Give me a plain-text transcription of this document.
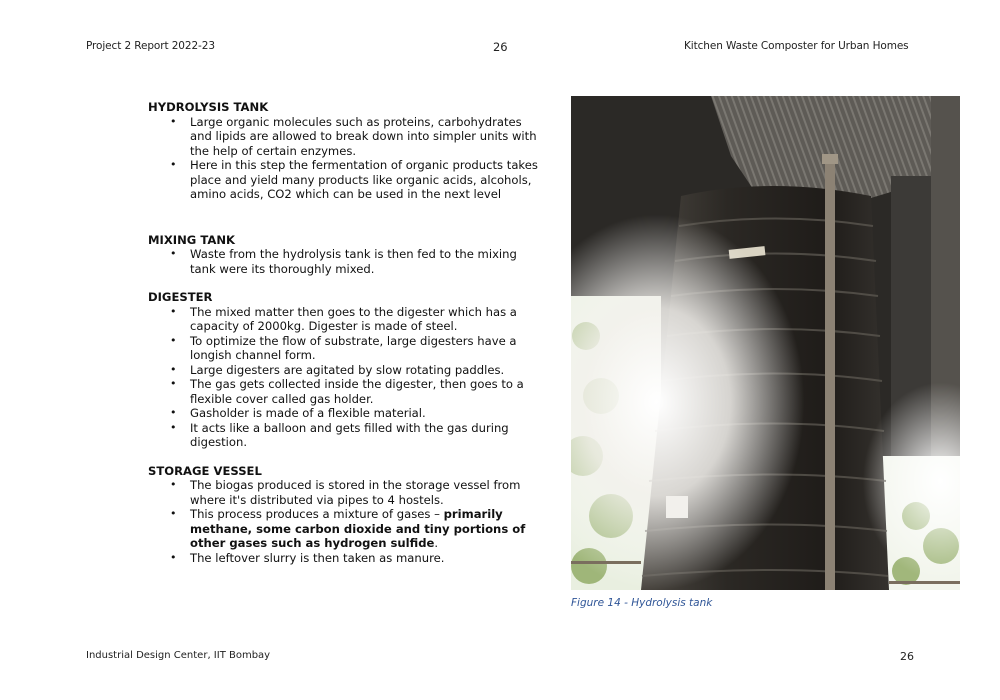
Project 2 Report 2022-23	26	Kitchen Waste Composter for Urban Homes
HYDROLYSIS TANK
• Large organic molecules such as proteins, carbohydrates and lipids are allowed to break down into simpler units with the help of certain enzymes.
• Here in this step the fermentation of organic products takes place and yield many products like organic acids, alcohols, amino acids, CO2 which can be used in the next level
MIXING TANK
• Waste from the hydrolysis tank is then fed to the mixing tank were its thoroughly mixed.
DIGESTER
• The mixed matter then goes to the digester which has a capacity of 2000kg. Digester is made of steel.
• To optimize the flow of substrate, large digesters have a longish channel form.
• Large digesters are agitated by slow rotating paddles.
• The gas gets collected inside the digester, then goes to a flexible cover called gas holder.
• Gasholder is made of a flexible material.
• It acts like a balloon and gets filled with the gas during digestion.
STORAGE VESSEL
• The biogas produced is stored in the storage vessel from where it's distributed via pipes to 4 hostels.
• This process produces a mixture of gases – primarily methane, some carbon dioxide and tiny portions of other gases such as hydrogen sulfide.
• The leftover slurry is then taken as manure.
Figure 14 - Hydrolysis tank
Industrial Design Center, IIT Bombay	26
